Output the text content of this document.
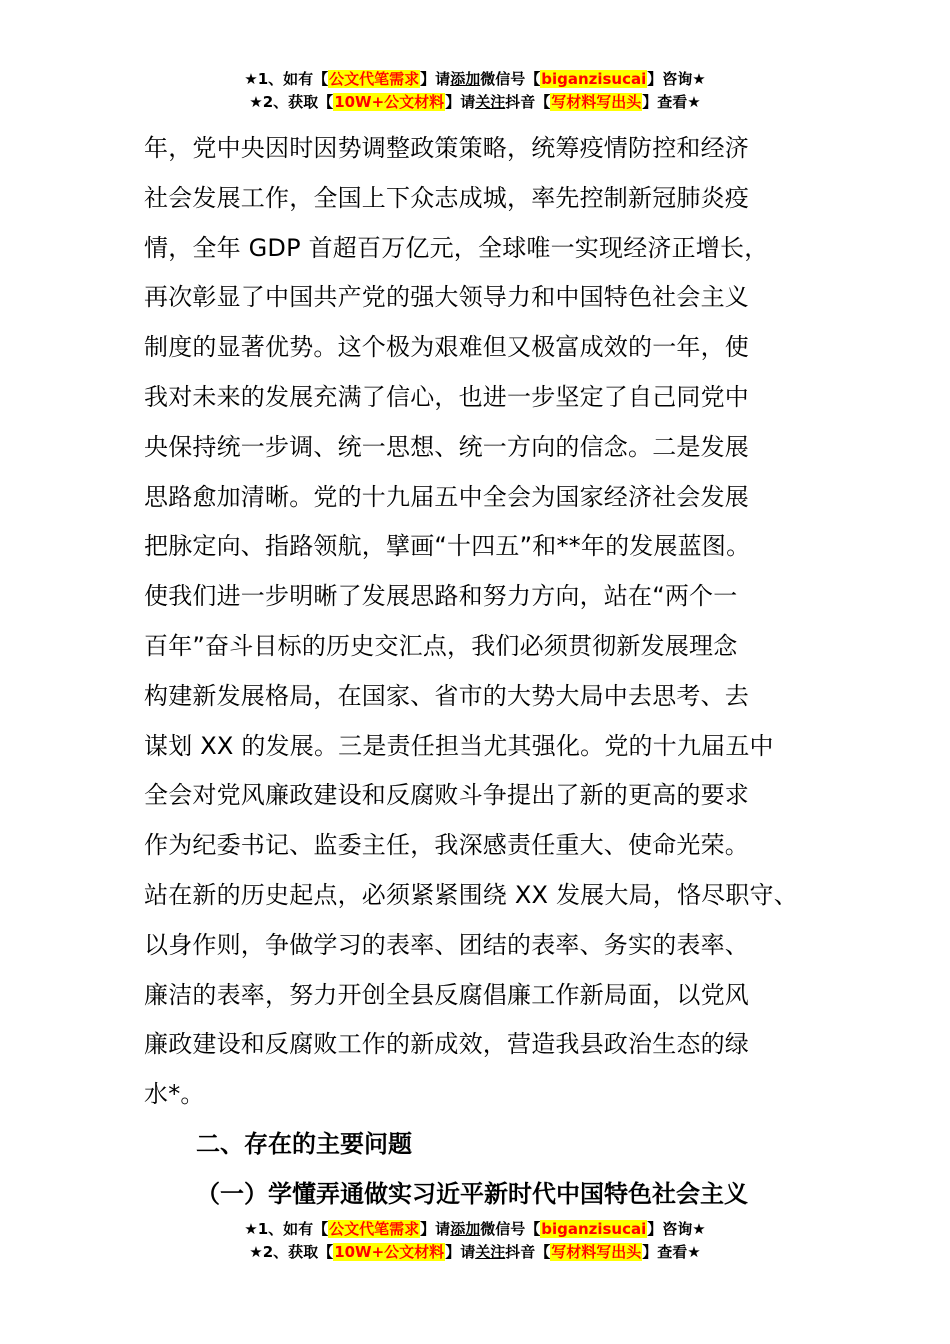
★1、如有【公文代笔需求】请添加微信号【biganzisucai】咨询★
★2、获取【10W+公文材料】请关注抖音【写材料写出头】查看★
年，党中央因时因势调整政策策略，统筹疫情防控和经济
社会发展工作，全国上下众志成城，率先控制新冠肺炎疫
情，全年 GDP 首超百万亿元，全球唯一实现经济正增长，
再次彰显了中国共产党的强大领导力和中国特色社会主义
制度的显著优势。这个极为艰难但又极富成效的一年，使
我对未来的发展充满了信心，也进一步坚定了自己同党中
央保持统一步调、统一思想、统一方向的信念。二是发展
思路愈加清晰。党的十九届五中全会为国家经济社会发展
把脉定向、指路领航，擘画“十四五”和**年的发展蓝图。
使我们进一步明晰了发展思路和努力方向，站在“两个一
百年”奋斗目标的历史交汇点，我们必须贯彻新发展理念
构建新发展格局，在国家、省市的大势大局中去思考、去
谋划 XX 的发展。三是责任担当尤其强化。党的十九届五中
全会对党风廉政建设和反腐败斗争提出了新的更高的要求
作为纪委书记、监委主任，我深感责任重大、使命光荣。
站在新的历史起点，必须紧紧围绕 XX 发展大局，恪尽职守、
以身作则，争做学习的表率、团结的表率、务实的表率、
廉洁的表率，努力开创全县反腐倡廉工作新局面，以党风
廉政建设和反腐败工作的新成效，营造我县政治生态的绿
水*。
二、存在的主要问题
（一）学懂弄通做实习近平新时代中国特色社会主义
★1、如有【公文代笔需求】请添加微信号【biganzisucai】咨询★
★2、获取【10W+公文材料】请关注抖音【写材料写出头】查看★
